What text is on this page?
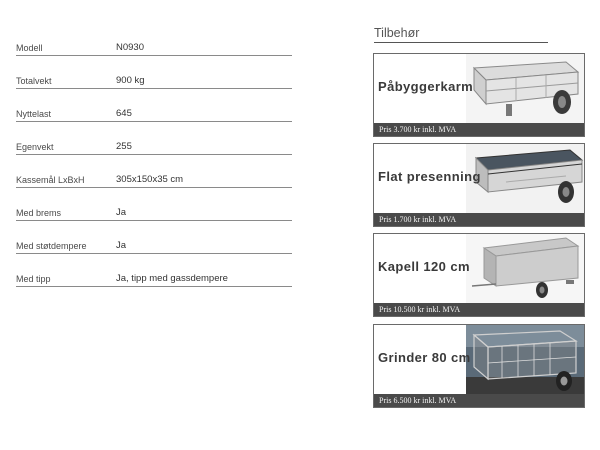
Modell	N0930
Totalvekt	900 kg
Nyttelast	645
Egenvekt	255
Kassemål LxBxH	305x150x35 cm
Med brems	Ja
Med støtdempere	Ja
Med tipp	Ja, tipp med gassdempere
Tilbehør
Påbyggerkarm
Pris 3.700 kr inkl. MVA
Flat presenning
Pris 1.700 kr inkl. MVA
Kapell 120 cm
Pris 10.500 kr inkl. MVA
Grinder 80 cm
Pris 6.500 kr inkl. MVA
